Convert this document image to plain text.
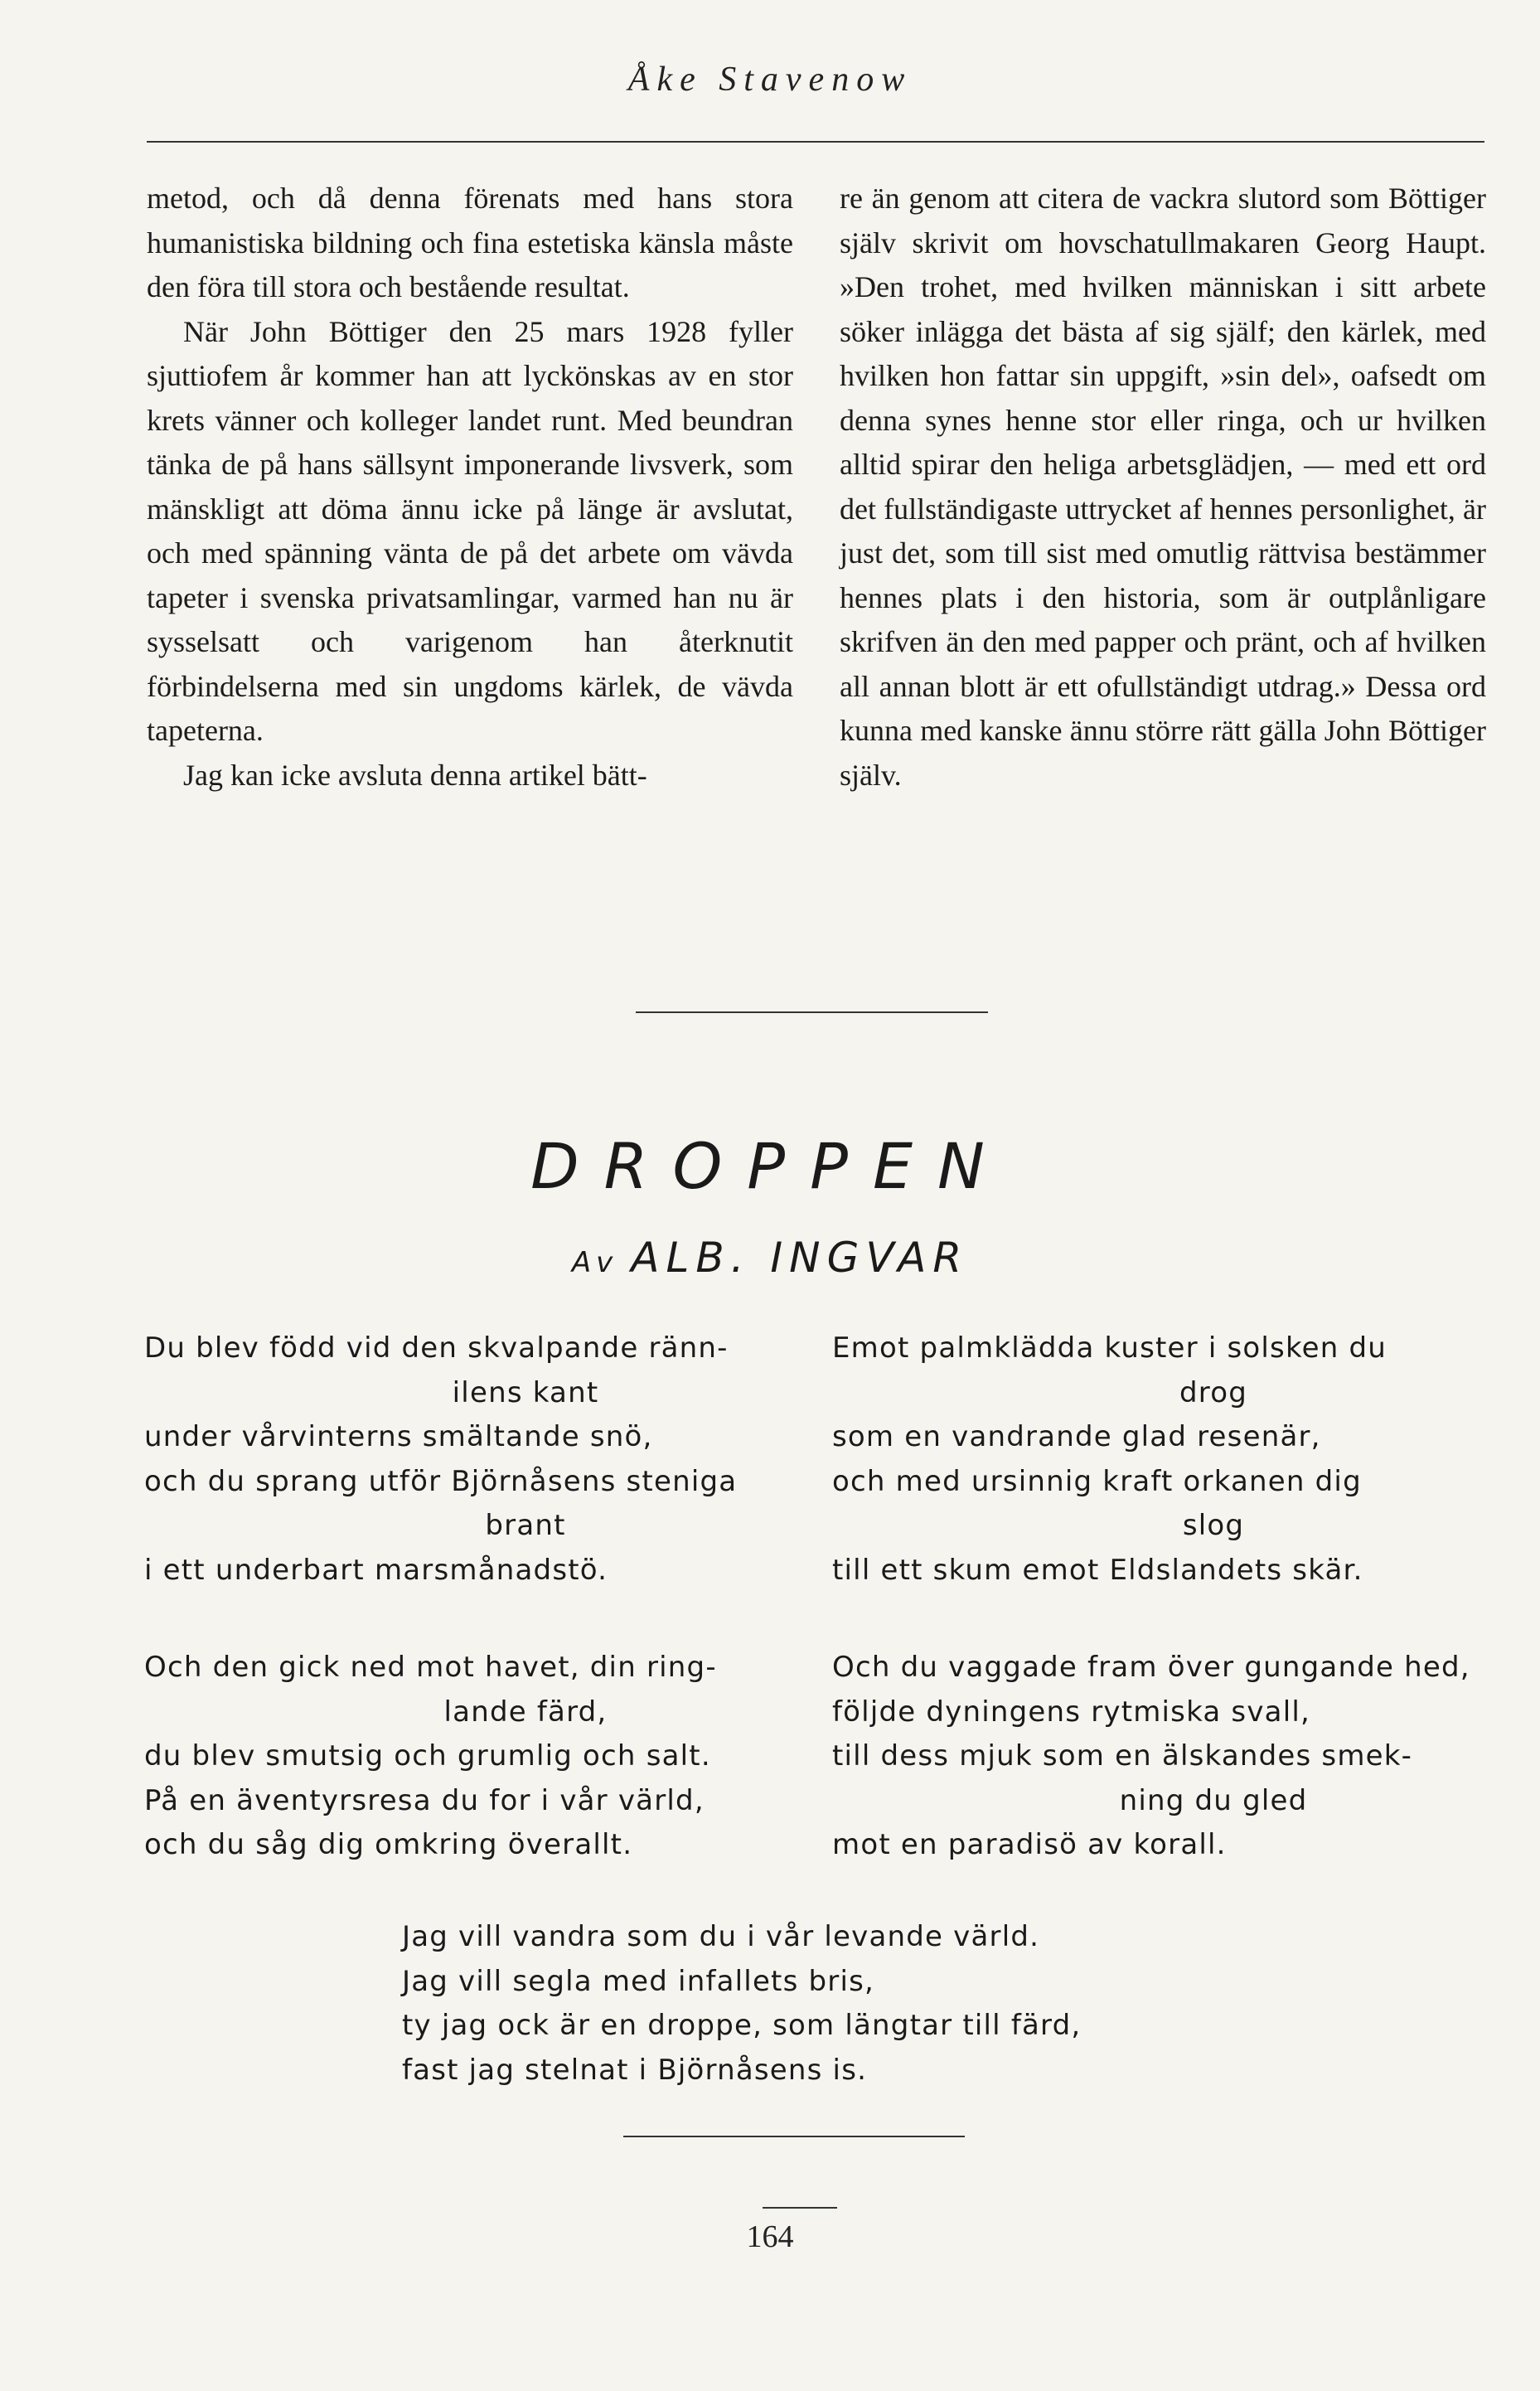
Åke Stavenow

metod, och då denna förenats med hans stora humanistiska bildning och fina estetiska känsla måste den föra till stora och bestående resultat.

När John Böttiger den 25 mars 1928 fyller sjuttiofem år kommer han att lyckönskas av en stor krets vänner och kolleger landet runt. Med beundran tänka de på hans sällsynt imponerande livsverk, som mänskligt att döma ännu icke på länge är avslutat, och med spänning vänta de på det arbete om vävda tapeter i svenska privatsamlingar, varmed han nu är sysselsatt och varigenom han återknutit förbindelserna med sin ungdoms kärlek, de vävda tapeterna.

Jag kan icke avsluta denna artikel bätt-

re än genom att citera de vackra slutord som Böttiger själv skrivit om hovschatullmakaren Georg Haupt. »Den trohet, med hvilken människan i sitt arbete söker inlägga det bästa af sig själf; den kärlek, med hvilken hon fattar sin uppgift, »sin del», oafsedt om denna synes henne stor eller ringa, och ur hvilken alltid spirar den heliga arbetsglädjen, — med ett ord det fullständigaste uttrycket af hennes personlighet, är just det, som till sist med omutlig rättvisa bestämmer hennes plats i den historia, som är outplånligare skrifven än den med papper och pränt, och af hvilken all annan blott är ett ofullständigt utdrag.» Dessa ord kunna med kanske ännu större rätt gälla John Böttiger själv.

DROPPEN
Av ALB. INGVAR
Du blev född vid den skvalpande ränn-
ilens kant
under vårvinterns smältande snö,
och du sprang utför Björnåsens steniga
brant
i ett underbart marsmånadstö.
Emot palmklädda kuster i solsken du
drog
som en vandrande glad resenär,
och med ursinnig kraft orkanen dig
slog
till ett skum emot Eldslandets skär.
Och den gick ned mot havet, din ring-
lande färd,
du blev smutsig och grumlig och salt.
På en äventyrsresa du for i vår värld,
och du såg dig omkring överallt.
Och du vaggade fram över gungande hed,
följde dyningens rytmiska svall,
till dess mjuk som en älskandes smek-
ning du gled
mot en paradisö av korall.
Jag vill vandra som du i vår levande värld.
Jag vill segla med infallets bris,
ty jag ock är en droppe, som längtar till färd,
fast jag stelnat i Björnåsens is.
164
